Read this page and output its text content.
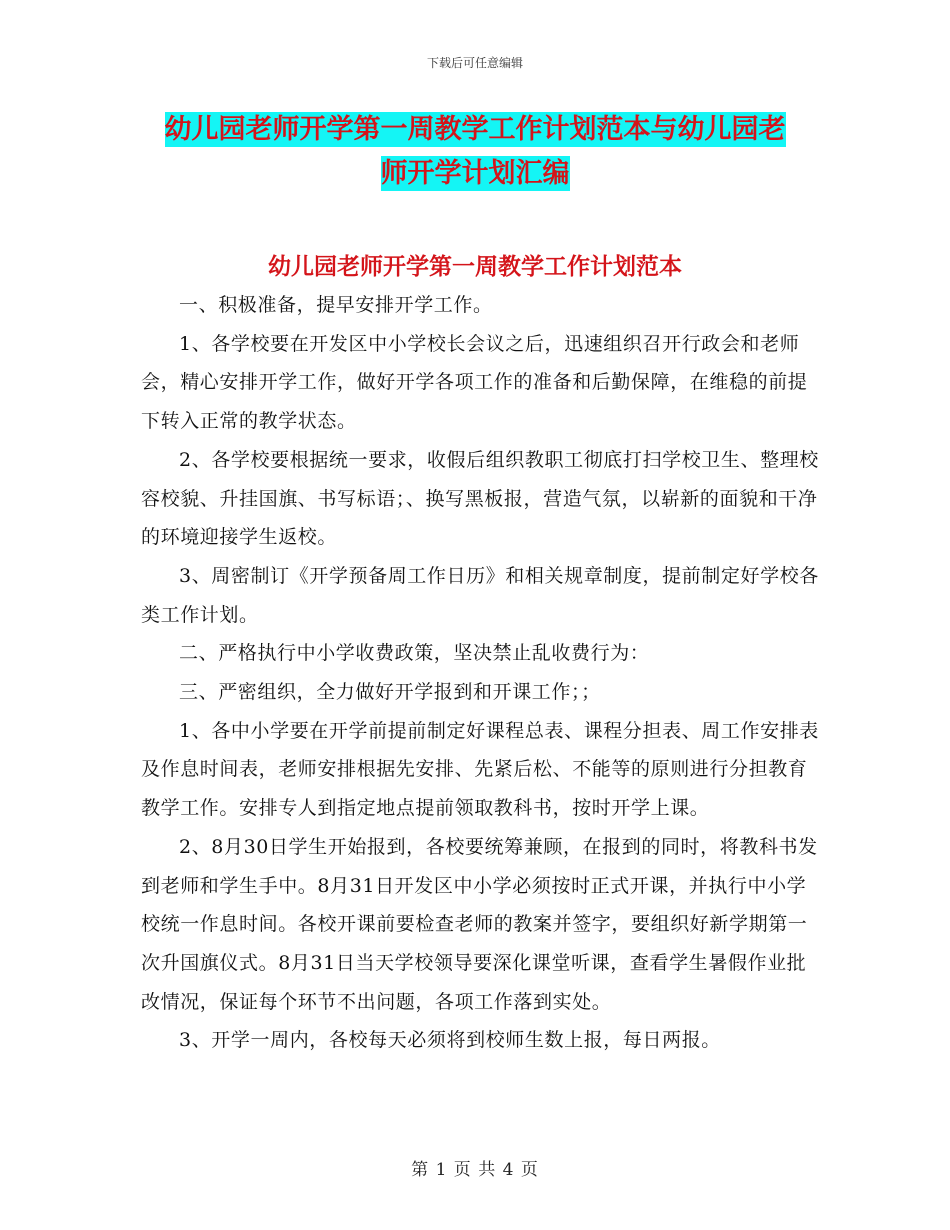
下载后可任意编辑
幼儿园老师开学第一周教学工作计划范本与幼儿园老
师开学计划汇编
幼儿园老师开学第一周教学工作计划范本

一、积极准备，提早安排开学工作。

1、各学校要在开发区中小学校长会议之后，迅速组织召开行政会和老师会，精心安排开学工作，做好开学各项工作的准备和后勤保障，在维稳的前提下转入正常的教学状态。

2、各学校要根据统一要求，收假后组织教职工彻底打扫学校卫生、整理校容校貌、升挂国旗、书写标语；、换写黑板报，营造气氛，以崭新的面貌和干净的环境迎接学生返校。

3、周密制订《开学预备周工作日历》和相关规章制度，提前制定好学校各类工作计划。

二、严格执行中小学收费政策，坚决禁止乱收费行为：

三、严密组织，全力做好开学报到和开课工作；；

1、各中小学要在开学前提前制定好课程总表、课程分担表、周工作安排表及作息时间表，老师安排根据先安排、先紧后松、不能等的原则进行分担教育教学工作。安排专人到指定地点提前领取教科书，按时开学上课。

2、8月30日学生开始报到，各校要统筹兼顾，在报到的同时，将教科书发到老师和学生手中。8月31日开发区中小学必须按时正式开课，并执行中小学校统一作息时间。各校开课前要检查老师的教案并签字，要组织好新学期第一次升国旗仪式。8月31日当天学校领导要深化课堂听课，查看学生暑假作业批改情况，保证每个环节不出问题，各项工作落到实处。

3、开学一周内，各校每天必须将到校师生数上报，每日两报。

第 1 页 共 4 页
